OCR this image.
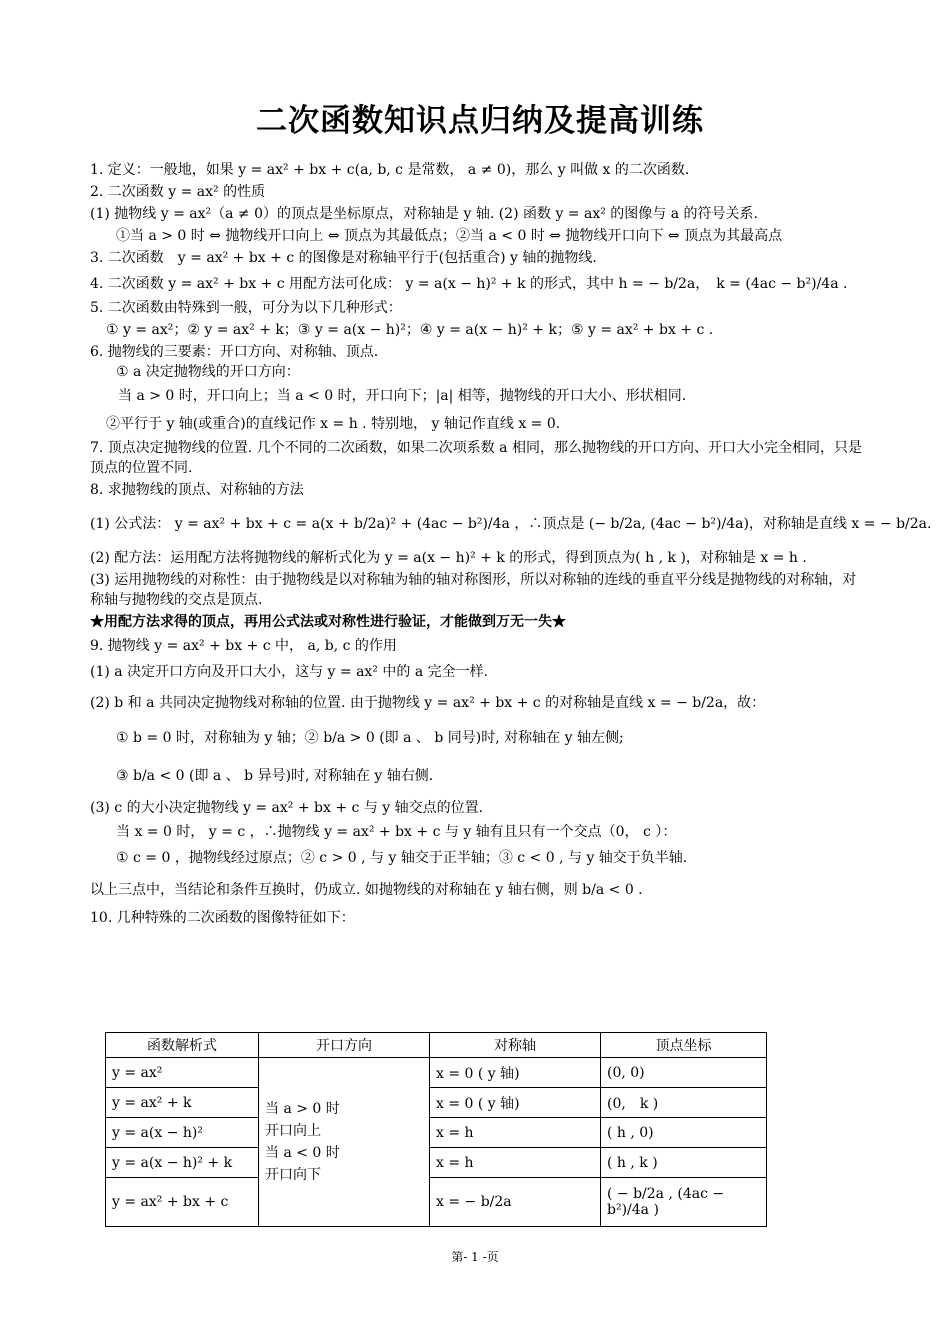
二次函数知识点归纳及提高训练

1. 定义：一般地，如果 y = ax² + bx + c(a, b, c 是常数， a ≠ 0)，那么 y 叫做 x 的二次函数.

2. 二次函数 y = ax² 的性质

(1) 抛物线 y = ax²（a ≠ 0）的顶点是坐标原点，对称轴是 y 轴. (2) 函数 y = ax² 的图像与 a 的符号关系.

①当 a > 0 时 ⇔ 抛物线开口向上 ⇔ 顶点为其最低点；②当 a < 0 时 ⇔ 抛物线开口向下 ⇔ 顶点为其最高点

3. 二次函数　y = ax² + bx + c 的图像是对称轴平行于(包括重合) y 轴的抛物线.

4. 二次函数 y = ax² + bx + c 用配方法可化成： y = a(x − h)² + k 的形式，其中 h = − b/2a，　k = (4ac − b²)/4a .

5. 二次函数由特殊到一般，可分为以下几种形式：

① y = ax²；② y = ax² + k；③ y = a(x − h)²；④ y = a(x − h)² + k；⑤ y = ax² + bx + c .

6. 抛物线的三要素：开口方向、对称轴、顶点.

① a 决定抛物线的开口方向：

当 a > 0 时，开口向上；当 a < 0 时，开口向下；|a| 相等，抛物线的开口大小、形状相同.

②平行于 y 轴(或重合)的直线记作 x = h . 特别地， y 轴记作直线 x = 0.

7. 顶点决定抛物线的位置. 几个不同的二次函数，如果二次项系数 a 相同，那么抛物线的开口方向、开口大小完全相同，只是顶点的位置不同.

8. 求抛物线的顶点、对称轴的方法

(1) 公式法： y = ax² + bx + c = a(x + b/2a)² + (4ac − b²)/4a ，∴顶点是 (− b/2a, (4ac − b²)/4a)，对称轴是直线 x = − b/2a.

(2) 配方法：运用配方法将抛物线的解析式化为 y = a(x − h)² + k 的形式，得到顶点为( h , k )，对称轴是 x = h .

(3) 运用抛物线的对称性：由于抛物线是以对称轴为轴的轴对称图形，所以对称轴的连线的垂直平分线是抛物线的对称轴，对称轴与抛物线的交点是顶点.

★用配方法求得的顶点，再用公式法或对称性进行验证，才能做到万无一失★

9. 抛物线 y = ax² + bx + c 中， a, b, c 的作用

(1) a 决定开口方向及开口大小，这与 y = ax² 中的 a 完全一样.

(2) b 和 a 共同决定抛物线对称轴的位置. 由于抛物线 y = ax² + bx + c 的对称轴是直线 x = − b/2a，故：

① b = 0 时，对称轴为 y 轴；② b/a > 0 (即 a 、 b 同号)时, 对称轴在 y 轴左侧;

③ b/a < 0 (即 a 、 b 异号)时, 对称轴在 y 轴右侧.

(3) c 的大小决定抛物线 y = ax² + bx + c 与 y 轴交点的位置.

当 x = 0 时， y = c ，∴抛物线 y = ax² + bx + c 与 y 轴有且只有一个交点（0， c ）：

① c = 0 ，抛物线经过原点；② c > 0 , 与 y 轴交于正半轴；③ c < 0 , 与 y 轴交于负半轴.

以上三点中，当结论和条件互换时，仍成立. 如抛物线的对称轴在 y 轴右侧，则 b/a < 0 .

10. 几种特殊的二次函数的图像特征如下：

函数解析式	开口方向	对称轴	顶点坐标
y = ax²	当 a > 0 时
开口向上
当 a < 0 时
开口向下	x = 0 ( y 轴)	(0, 0)
y = ax² + k		x = 0 ( y 轴)	(0,　k )
y = a(x − h)²		x = h	( h , 0)
y = a(x − h)² + k		x = h	( h , k )
y = ax² + bx + c		x = − b/2a	( − b/2a , (4ac − b²)/4a )
第- 1 -页
